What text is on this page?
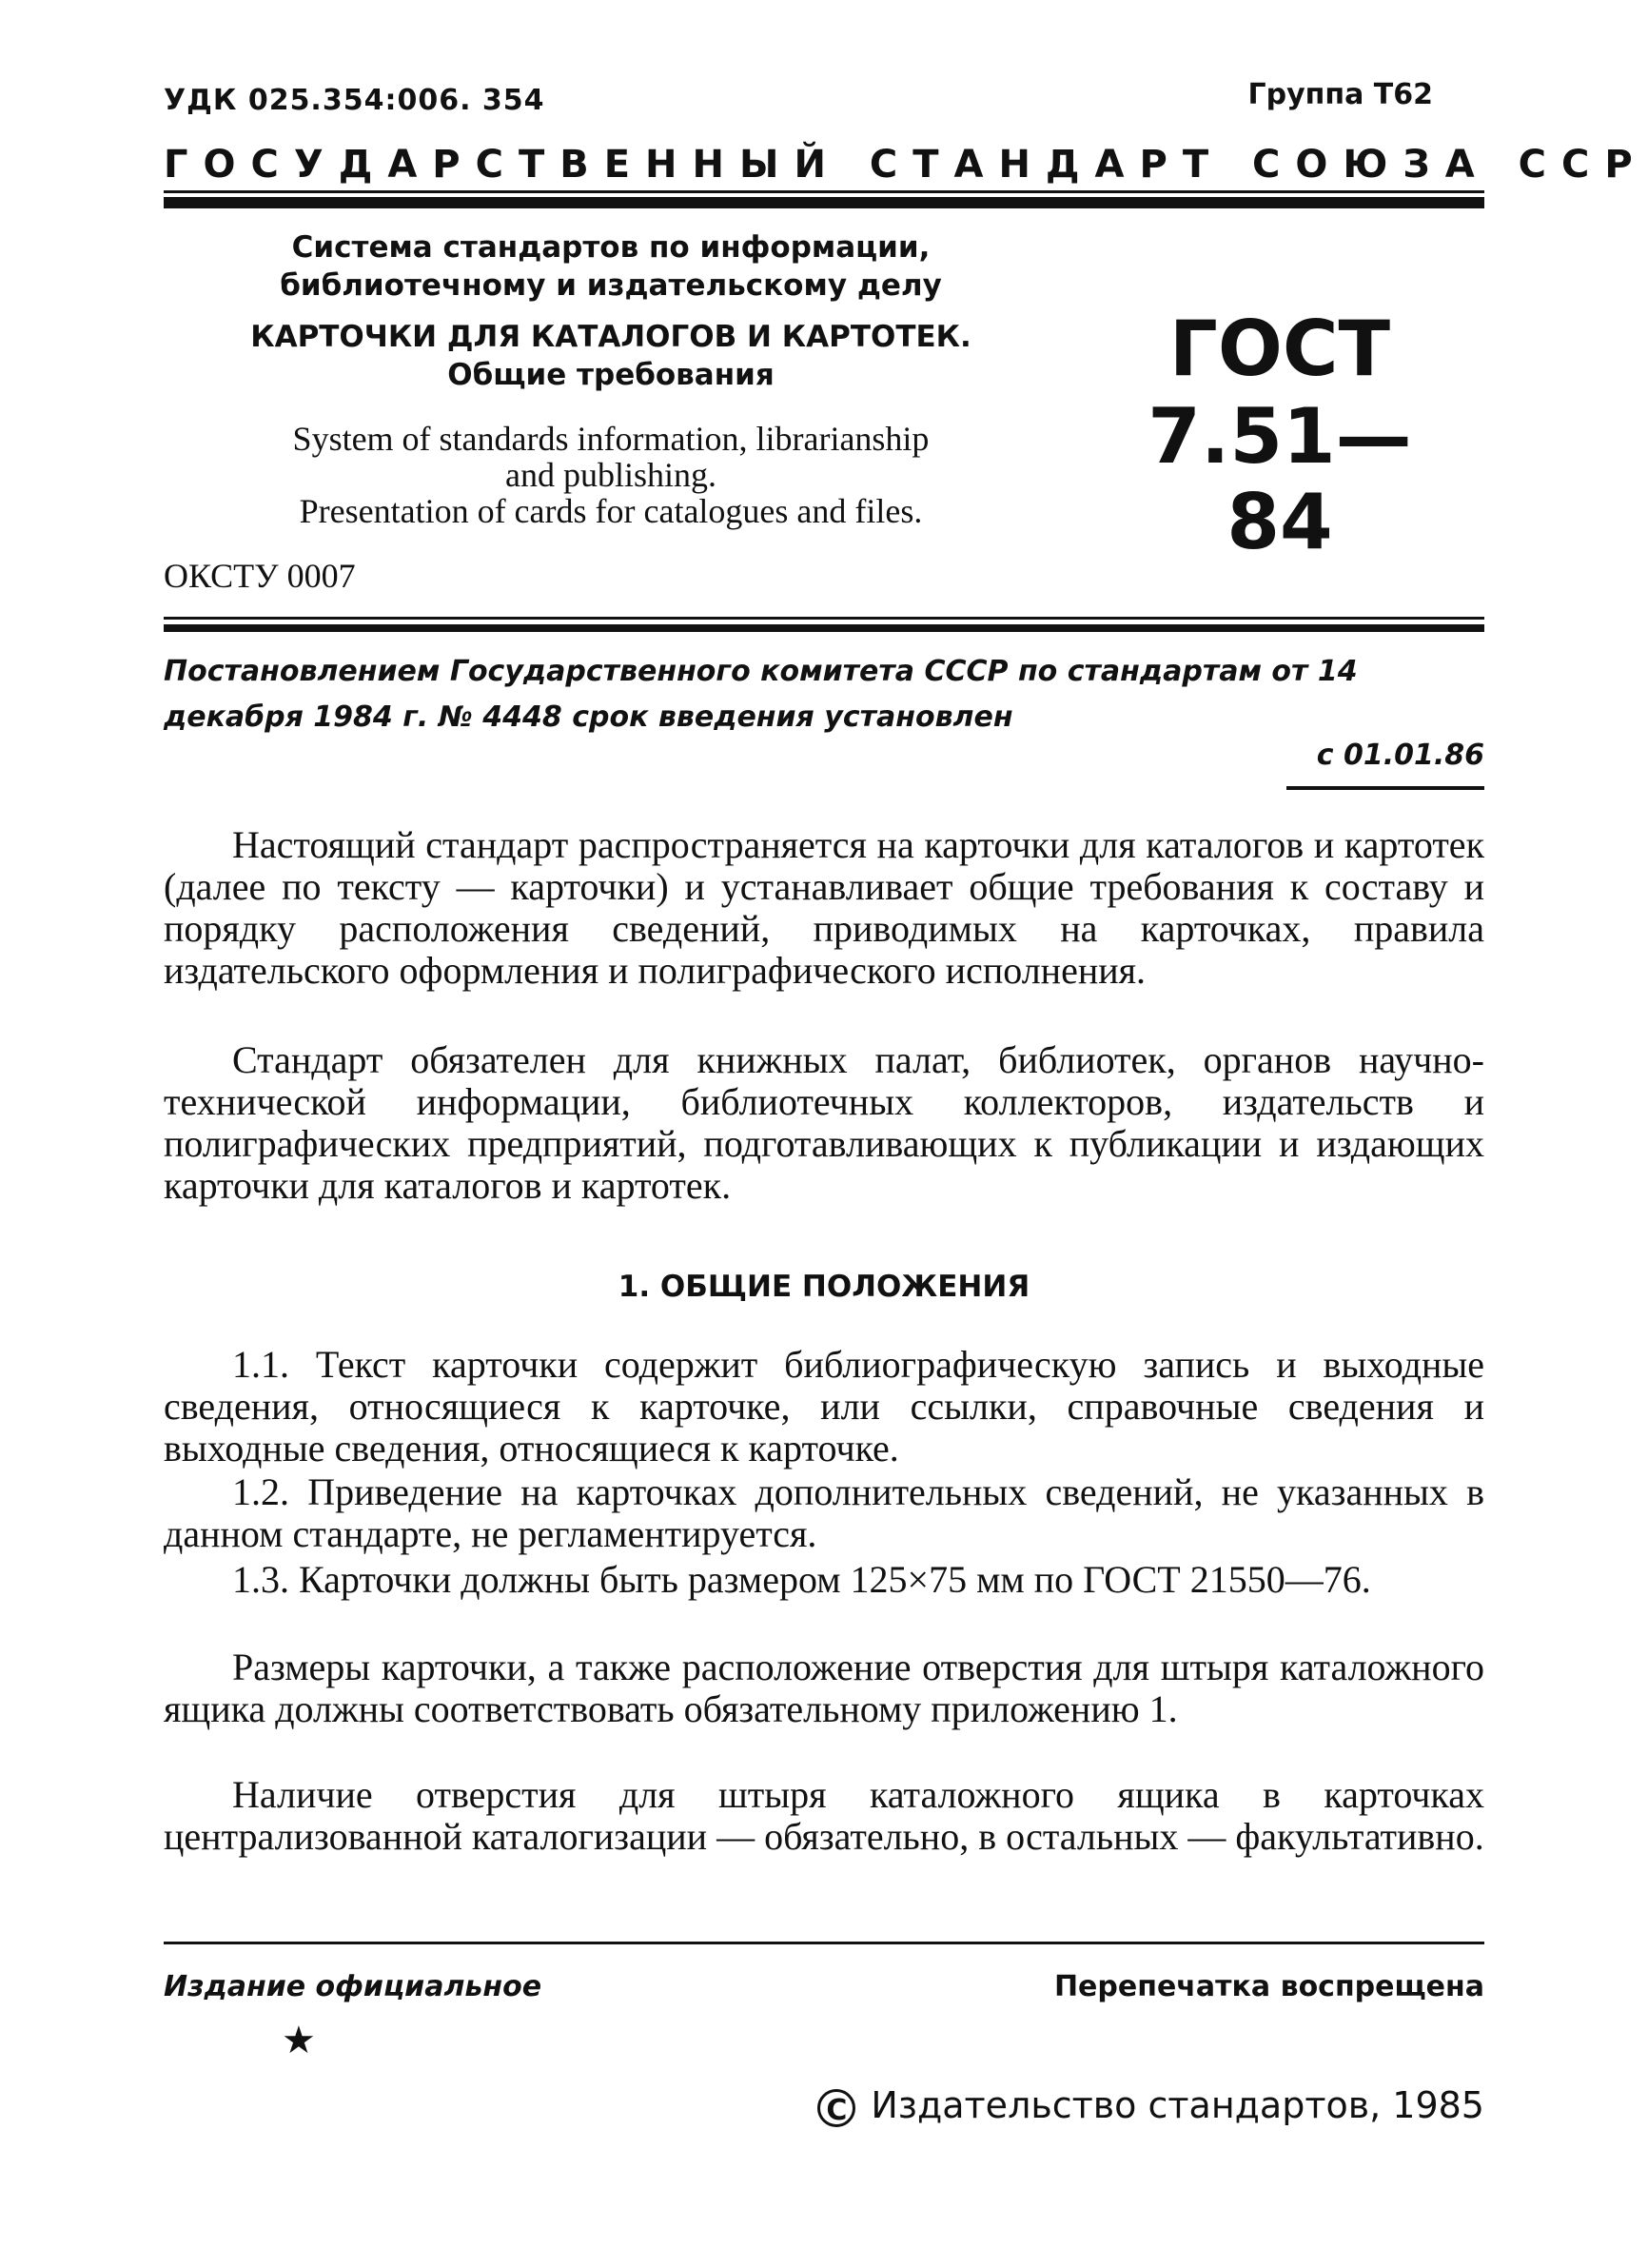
УДК 025.354:006. 354	Группа Т62
ГОСУДАРСТВЕННЫЙ СТАНДАРТ СОЮЗА ССР
Система стандартов по информации, библиотечному и издательскому делу
КАРТОЧКИ ДЛЯ КАТАЛОГОВ И КАРТОТЕК.
Общие требования
System of standards information, librarianship
and publishing.
Presentation of cards for catalogues and files.
ГОСТ
7.51—84
ОКСТУ 0007
Постановлением Государственного комитета СССР по стандартам от 14 декабря 1984 г. № 4448 срок введения установлен
с 01.01.86
Настоящий стандарт распространяется на карточки для каталогов и картотек (далее по тексту — карточки) и устанавливает общие требования к составу и порядку расположения сведений, приводимых на карточках, правила издательского оформления и полиграфического исполнения.
Стандарт обязателен для книжных палат, библиотек, органов научно-технической информации, библиотечных коллекторов, издательств и полиграфических предприятий, подготавливающих к публикации и издающих карточки для каталогов и картотек.
1. ОБЩИЕ ПОЛОЖЕНИЯ
1.1. Текст карточки содержит библиографическую запись и выходные сведения, относящиеся к карточке, или ссылки, справочные сведения и выходные сведения, относящиеся к карточке.
1.2. Приведение на карточках дополнительных сведений, не указанных в данном стандарте, не регламентируется.
1.3. Карточки должны быть размером 125×75 мм по ГОСТ 21550—76.
Размеры карточки, а также расположение отверстия для штыря каталожного ящика должны соответствовать обязательному приложению 1.
Наличие отверстия для штыря каталожного ящика в карточках централизованной каталогизации — обязательно, в остальных — факультативно.
Издание официальное	Перепечатка воспрещена
★
С Издательство стандартов, 1985
